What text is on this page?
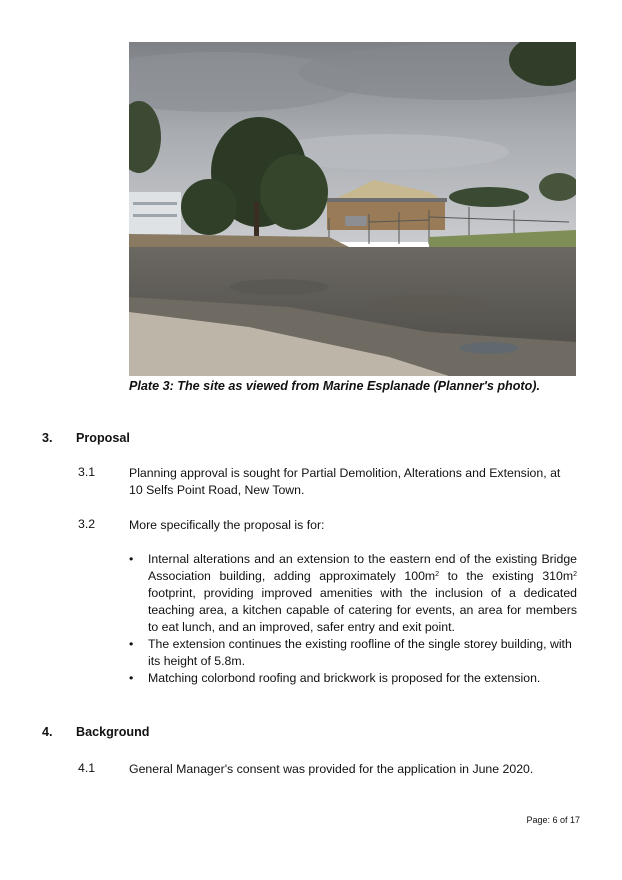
Plate 3: The site as viewed from Marine Esplanade (Planner's photo).
3. Proposal
3.1	Planning approval is sought for Partial Demolition, Alterations and Extension, at 10 Selfs Point Road, New Town.
3.2	More specifically the proposal is for:
• Internal alterations and an extension to the eastern end of the existing Bridge Association building, adding approximately $100m^2$ to the existing $310m^2$ footprint, providing improved amenities with the inclusion of a dedicated teaching area, a kitchen capable of catering for events, an area for members to eat lunch, and an improved, safer entry and exit point.
• The extension continues the existing roofline of the single storey building, with its height of 5.8m.
• Matching colorbond roofing and brickwork is proposed for the extension.
4. Background
4.1	General Manager's consent was provided for the application in June 2020.
Page: 6 of 17
